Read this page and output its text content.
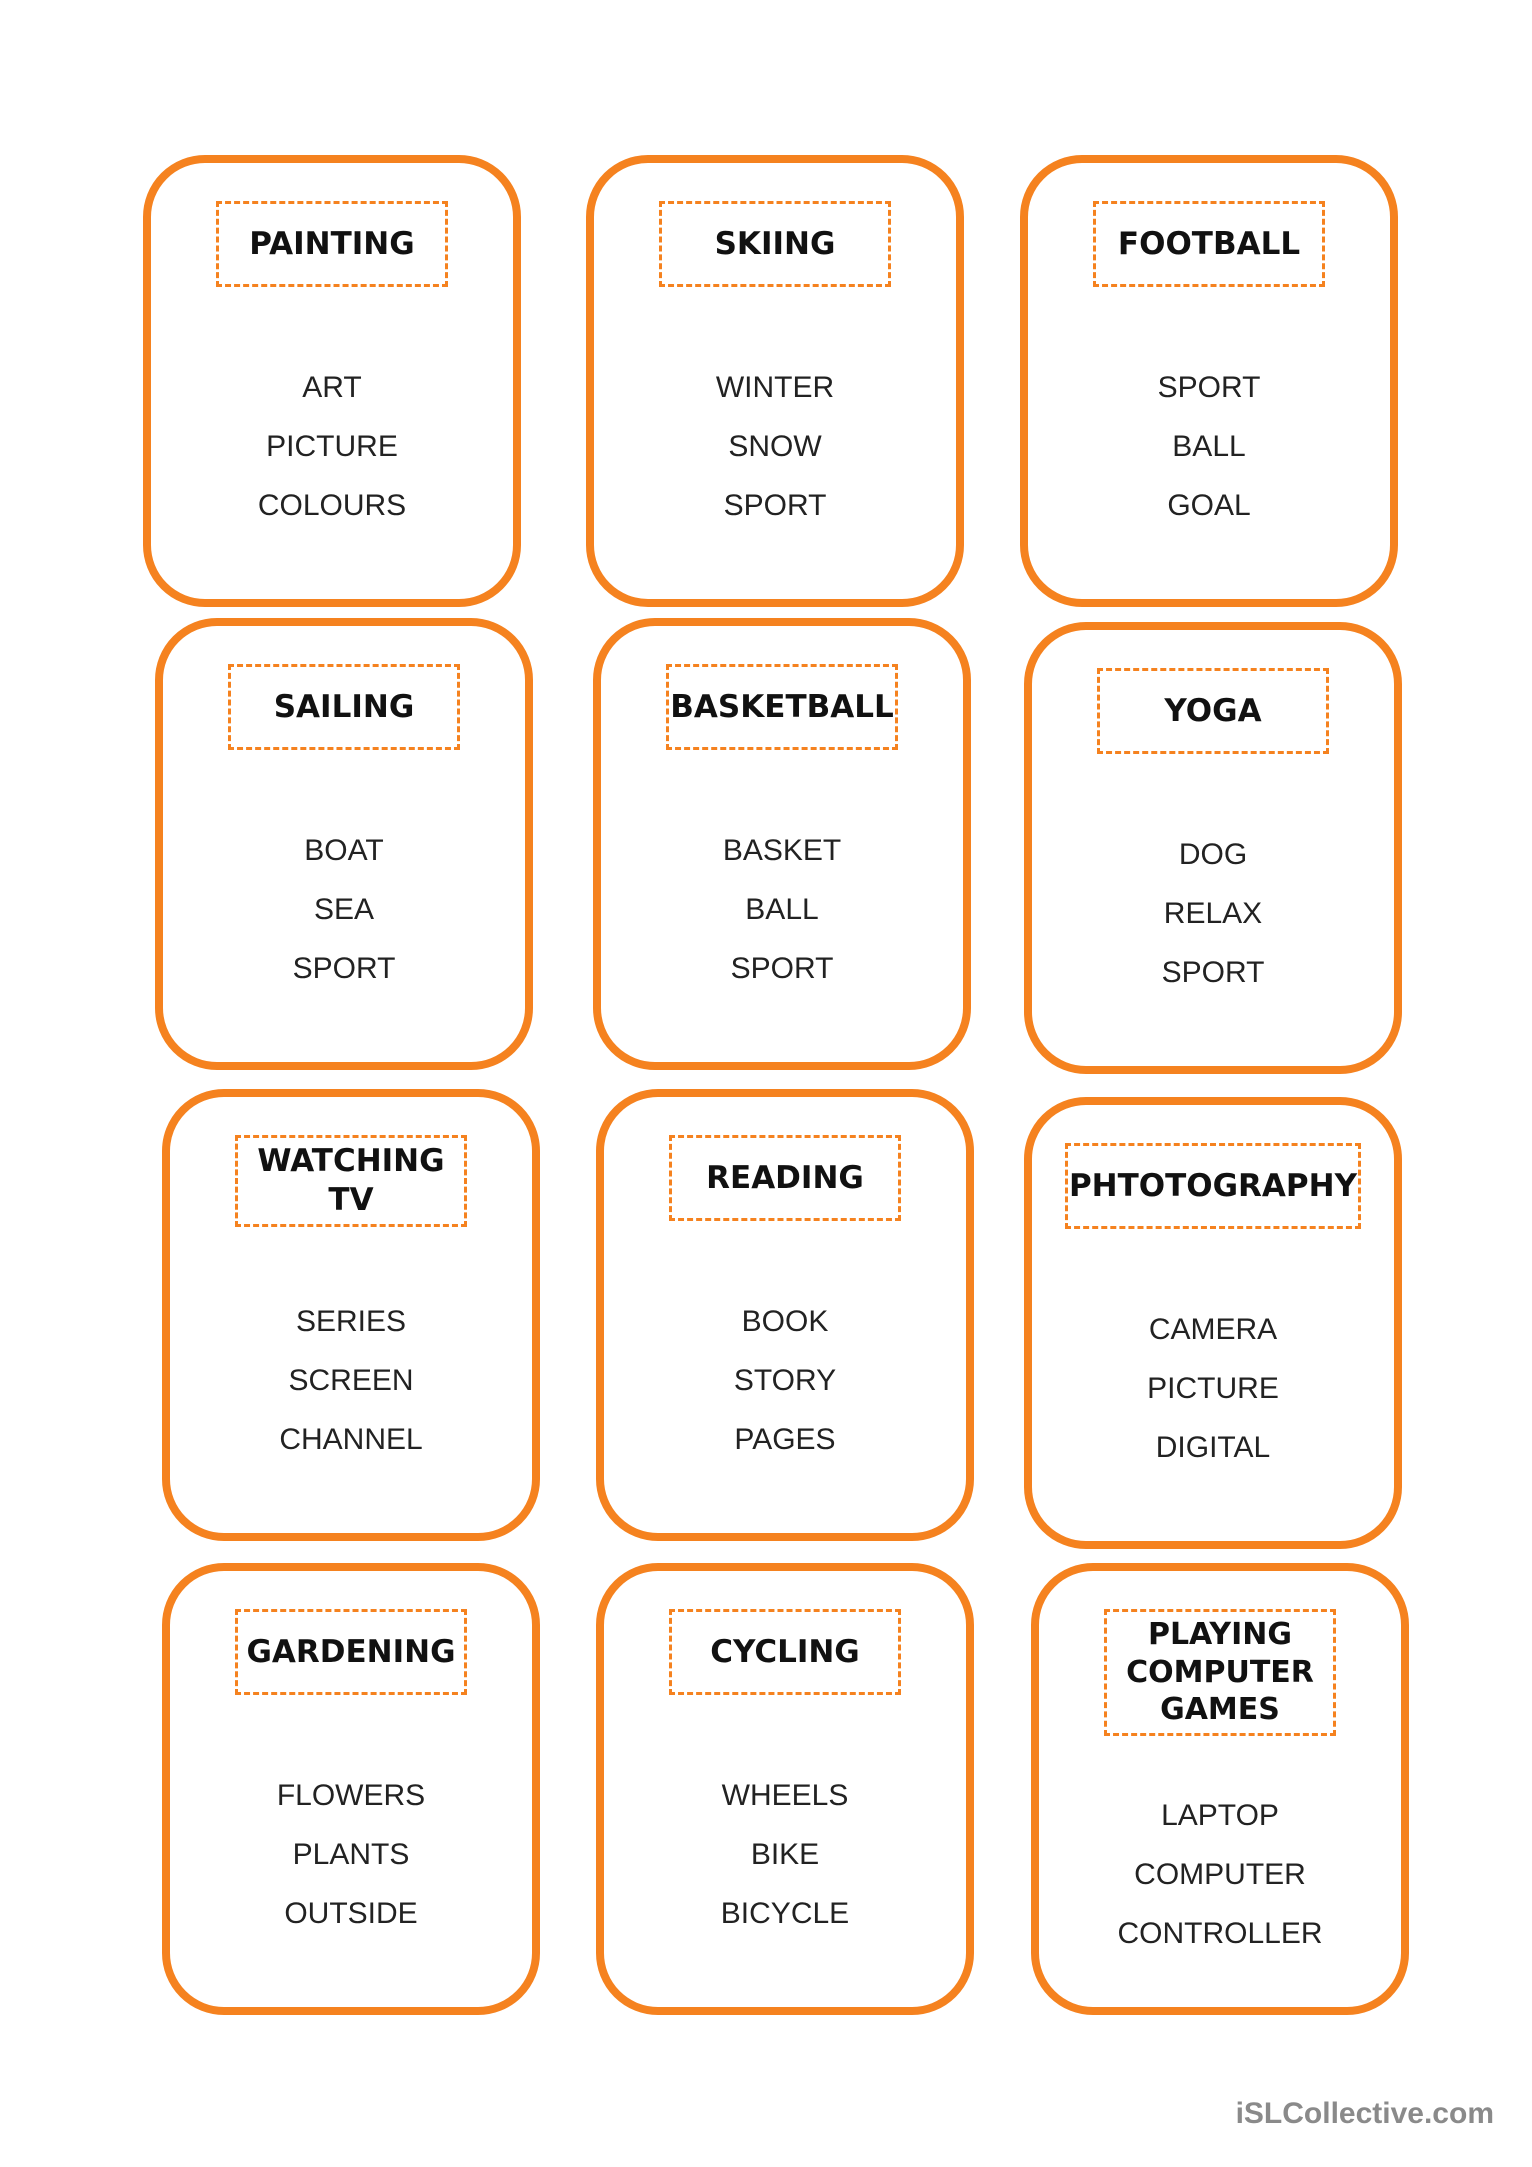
PAINTING
ART
PICTURE
COLOURS
SKIING
WINTER
SNOW
SPORT
FOOTBALL
SPORT
BALL
GOAL
SAILING
BOAT
SEA
SPORT
BASKETBALL
BASKET
BALL
SPORT
YOGA
DOG
RELAX
SPORT
WATCHING
TV
SERIES
SCREEN
CHANNEL
READING
BOOK
STORY
PAGES
PHTOTOGRAPHY
CAMERA
PICTURE
DIGITAL
GARDENING
FLOWERS
PLANTS
OUTSIDE
CYCLING
WHEELS
BIKE
BICYCLE
PLAYING
COMPUTER
GAMES
LAPTOP
COMPUTER
CONTROLLER
iSLCollective.com
